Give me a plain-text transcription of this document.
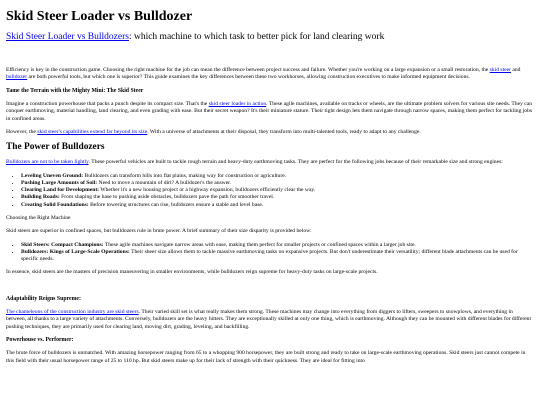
Skid Steer Loader vs Bulldozer
Skid Steer Loader vs Bulldozers: which machine to which task to better pick for land clearing work

Efficiency is key in the construction game. Choosing the right machine for the job can mean the difference between project success and failure. Whether you're working on a large expansion or a small restoration, the skid steer and bulldozer are both powerful tools, but which one is superior? This guide examines the key differences between these two workhorses, allowing construction executives to make informed equipment decisions.

Tame the Terrain with the Mighty Mini: The Skid Steer

Imagine a construction powerhouse that packs a punch despite its compact size. That's the skid steer loader in action. These agile machines, available on tracks or wheels, are the ultimate problem solvers for various site needs. They can conquer earthmoving, material handling, land clearing, and even grading with ease. But their secret weapon? It's their miniature stature. Their tight design lets them navigate through narrow spaces, making them perfect for tackling jobs in confined areas.

However, the skid steer's capabilities extend far beyond its size. With a universe of attachments at their disposal, they transform into multi-talented tools, ready to adapt to any challenge.

The Power of Bulldozers

Bulldozers are not to be taken lightly. These powerful vehicles are built to tackle rough terrain and heavy-duty earthmoving tasks. They are perfect for the following jobs because of their remarkable size and strong engines:

• Leveling Uneven Ground: Bulldozers can transform hills into flat plains, making way for construction or agriculture.
• Pushing Large Amounts of Soil: Need to move a mountain of dirt? A bulldozer's the answer.
• Clearing Land for Development: Whether it's a new housing project or a highway expansion, bulldozers efficiently clear the way.
• Building Roads: From shaping the base to pushing aside obstacles, bulldozers pave the path for smoother travel.
• Creating Solid Foundations: Before towering structures can rise, bulldozers ensure a stable and level base.

Choosing the Right Machine

Skid steers are superior in confined spaces, but bulldozers rule in brute power. A brief summary of their size disparity is provided below:

• Skid Steers: Compact Champions: These agile machines navigate narrow areas with ease, making them perfect for smaller projects or confined spaces within a larger job site.
• Bulldozers: Kings of Large-Scale Operations: Their sheer size allows them to tackle massive earthmoving tasks on expansive projects. But don't underestimate their versatility; different blade attachments can be used for specific needs.

In essence, skid steers are the masters of precision maneuvering in smaller environments, while bulldozers reign supreme for heavy-duty tasks on large-scale projects.

Adaptability Reigns Supreme:

The chameleons of the construction industry are skid steers. Their varied skill set is what really makes them strong. These machines may change into everything from diggers to lifters, sweepers to snowplows, and everything in between, all thanks to a large variety of attachments. Conversely, bulldozers are the heavy hitters. They are exceptionally skilled at only one thing, which is earthmoving. Although they can be mounted with different blades for different pushing techniques, they are primarily used for clearing land, moving dirt, grading, leveling, and backfilling.

Powerhouse vs. Performer:

The brute force of bulldozers is unmatched. With amazing horsepower ranging from 65 to a whopping 900 horsepower, they are built strong and ready to take on large-scale earthmoving operations. Skid steers just cannot compete in this field with their usual horsepower range of 25 to 110 hp. But skid steers make up for their lack of strength with their quickness. They are ideal for fitting into
